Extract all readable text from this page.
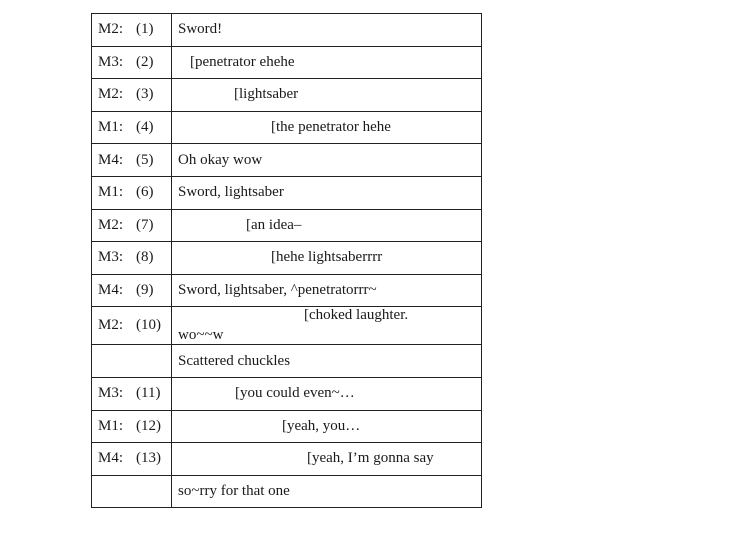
M2: (1)	Sword!
M3: (2)	[penetrator ehehe
M2: (3)	[lightsaber
M1: (4)	[the penetrator hehe
M4: (5)	Oh okay wow
M1: (6)	Sword, lightsaber
M2: (7)	[an idea–
M3: (8)	[hehe lightsaberrrr
M4: (9)	Sword, lightsaber, ^penetratorrr~
M2: (10)	[choked laughter.
wo~~w

	Scattered chuckles
M3: (11)	[you could even~…
M1: (12)	[yeah, you…
M4: (13)	[yeah, I’m gonna say
	so~rry for that one
